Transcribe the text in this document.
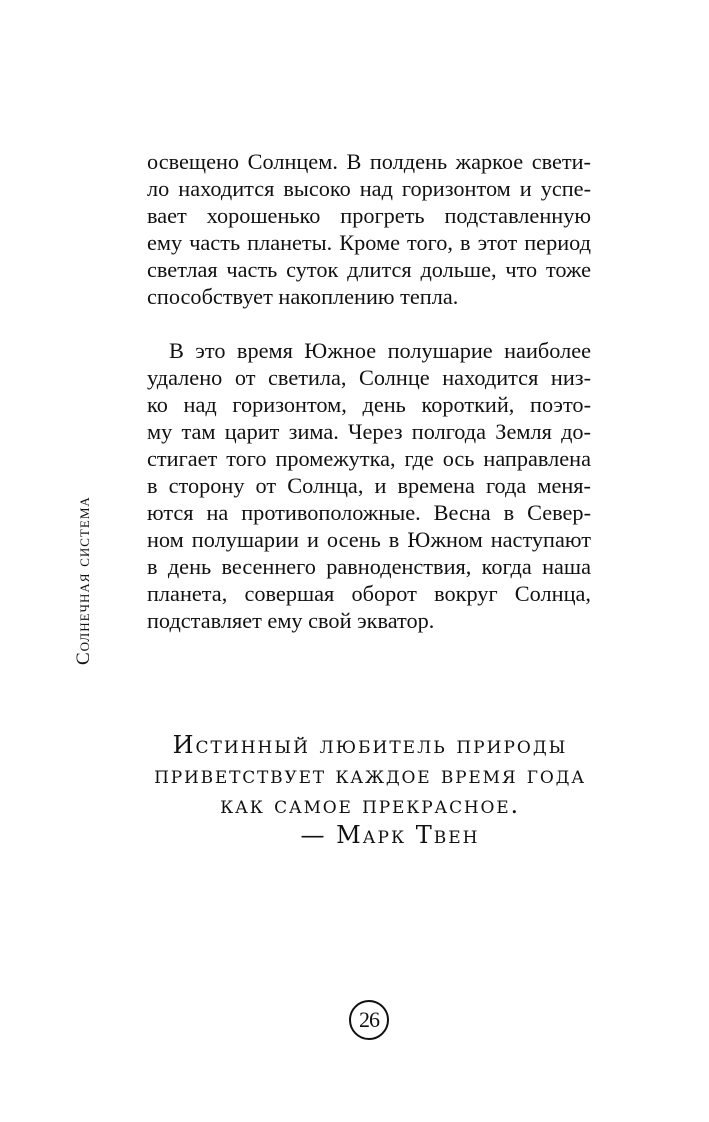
Солнечная система
освещено Солнцем. В полдень жаркое свети-
ло находится высоко над горизонтом и успе-
вает хорошенько прогреть подставленную
ему часть планеты. Кроме того, в этот период
светлая часть суток длится дольше, что тоже
способствует накоплению тепла.
В это время Южное полушарие наиболее
удалено от светила, Солнце находится низ-
ко над горизонтом, день короткий, поэто-
му там царит зима. Через полгода Земля до-
стигает того промежутка, где ось направлена
в сторону от Солнца, и времена года меня-
ются на противоположные. Весна в Север-
ном полушарии и осень в Южном наступают
в день весеннего равноденствия, когда наша
планета, совершая оборот вокруг Солнца,
подставляет ему свой экватор.
Истинный любитель природы
приветствует каждое время года
как самое прекрасное.
— Марк Твен
26
